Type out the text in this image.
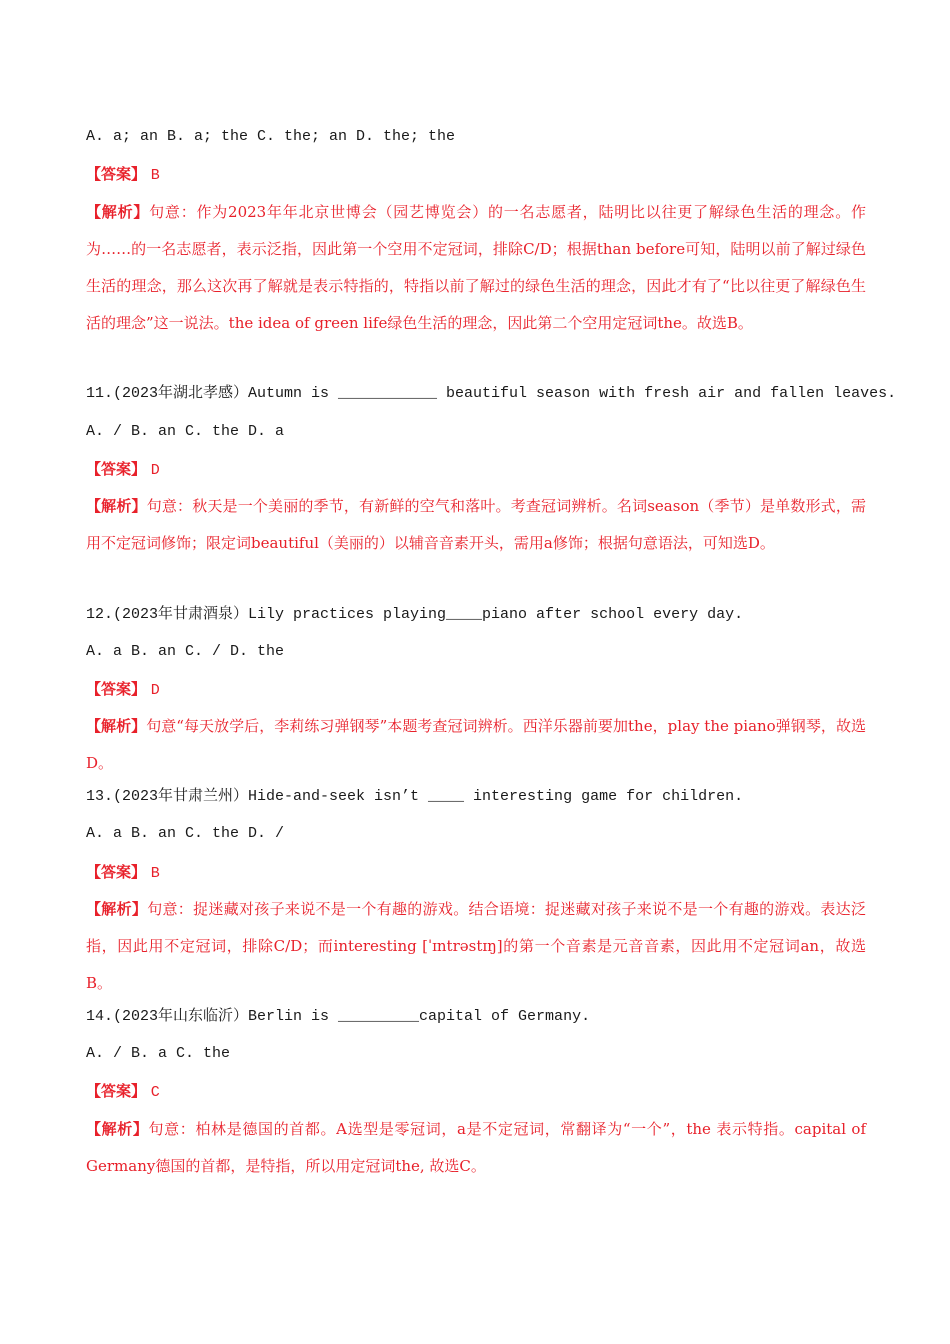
A. a; an B. a; the C. the; an D. the; the
【答案】 B
【解析】句意：作为2023年年北京世博会（园艺博览会）的一名志愿者，陆明比以往更了解绿色生活的理念。作为……的一名志愿者，表示泛指，因此第一个空用不定冠词，排除C/D；根据than before可知，陆明以前了解过绿色生活的理念，那么这次再了解就是表示特指的，特指以前了解过的绿色生活的理念，因此才有了“比以往更了解绿色生活的理念”这一说法。the idea of green life绿色生活的理念，因此第二个空用定冠词the。故选B。
11.(2023年湖北孝感）Autumn is ___________ beautiful season with fresh air and fallen leaves.
A. / B. an C. the D. a
【答案】 D
【解析】句意：秋天是一个美丽的季节，有新鲜的空气和落叶。考查冠词辨析。名词season（季节）是单数形式，需用不定冠词修饰；限定词beautiful（美丽的）以辅音音素开头，需用a修饰；根据句意语法，可知选D。
12.(2023年甘肃酒泉）Lily practices playing____piano after school every day.
A. a B. an C. / D. the
【答案】 D
【解析】句意“每天放学后，李莉练习弹钢琴”本题考查冠词辨析。西洋乐器前要加the，play the piano弹钢琴，故选D。
13.(2023年甘肃兰州）Hide-and-seek isn’t ____ interesting game for children.
A. a B. an C. the D. /
【答案】 B
【解析】句意：捉迷藏对孩子来说不是一个有趣的游戏。结合语境：捉迷藏对孩子来说不是一个有趣的游戏。表达泛指，因此用不定冠词，排除C/D；而interesting [ˈɪntrəstɪŋ]的第一个音素是元音音素，因此用不定冠词an，故选B。
14.(2023年山东临沂）Berlin is _________capital of Germany.
A. / B. a C. the
【答案】 C
【解析】句意：柏林是德国的首都。A选型是零冠词，a是不定冠词，常翻译为“一个”，the 表示特指。capital of Germany德国的首都，是特指，所以用定冠词the, 故选C。
